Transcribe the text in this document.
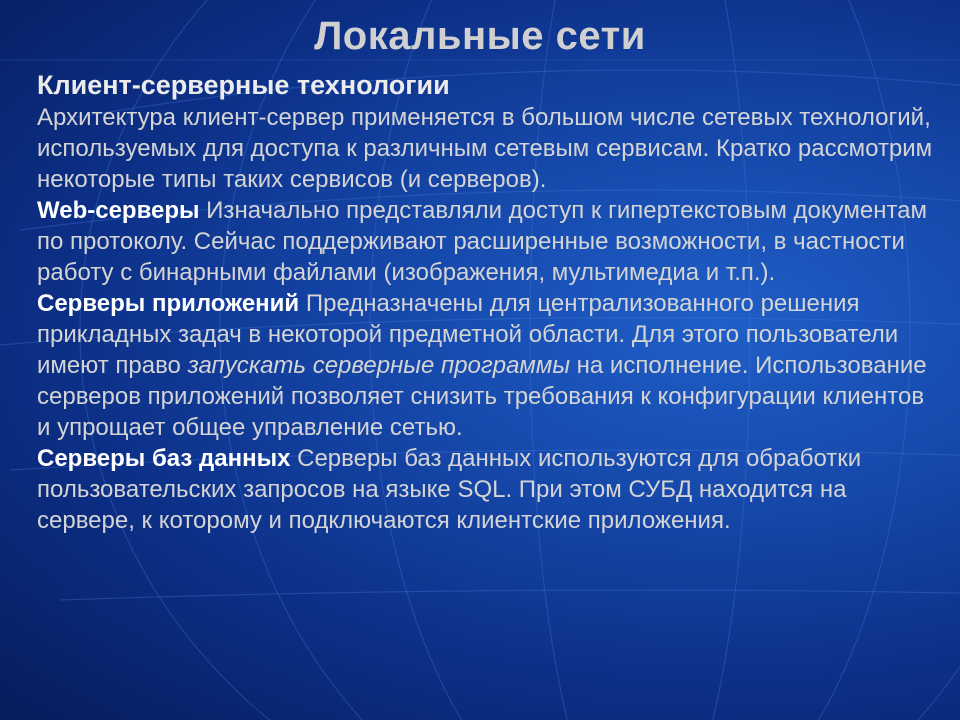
Локальные сети
Клиент-серверные технологии

Архитектура клиент-сервер применяется в большом числе сетевых технологий, используемых для доступа к различным сетевым сервисам. Кратко рассмотрим некоторые типы таких сервисов (и серверов).

Web-серверы Изначально представляли доступ к гипертекстовым документам по протоколу. Сейчас поддерживают расширенные возможности, в частности работу с бинарными файлами (изображения, мультимедиа и т.п.).

Серверы приложений Предназначены для централизованного решения прикладных задач в некоторой предметной области. Для этого пользователи имеют право запускать серверные программы на исполнение. Использование серверов приложений позволяет снизить требования к конфигурации клиентов и упрощает общее управление сетью.

Серверы баз данных Серверы баз данных используются для обработки пользовательских запросов на языке SQL. При этом СУБД находится на сервере, к которому и подключаются клиентские приложения.
